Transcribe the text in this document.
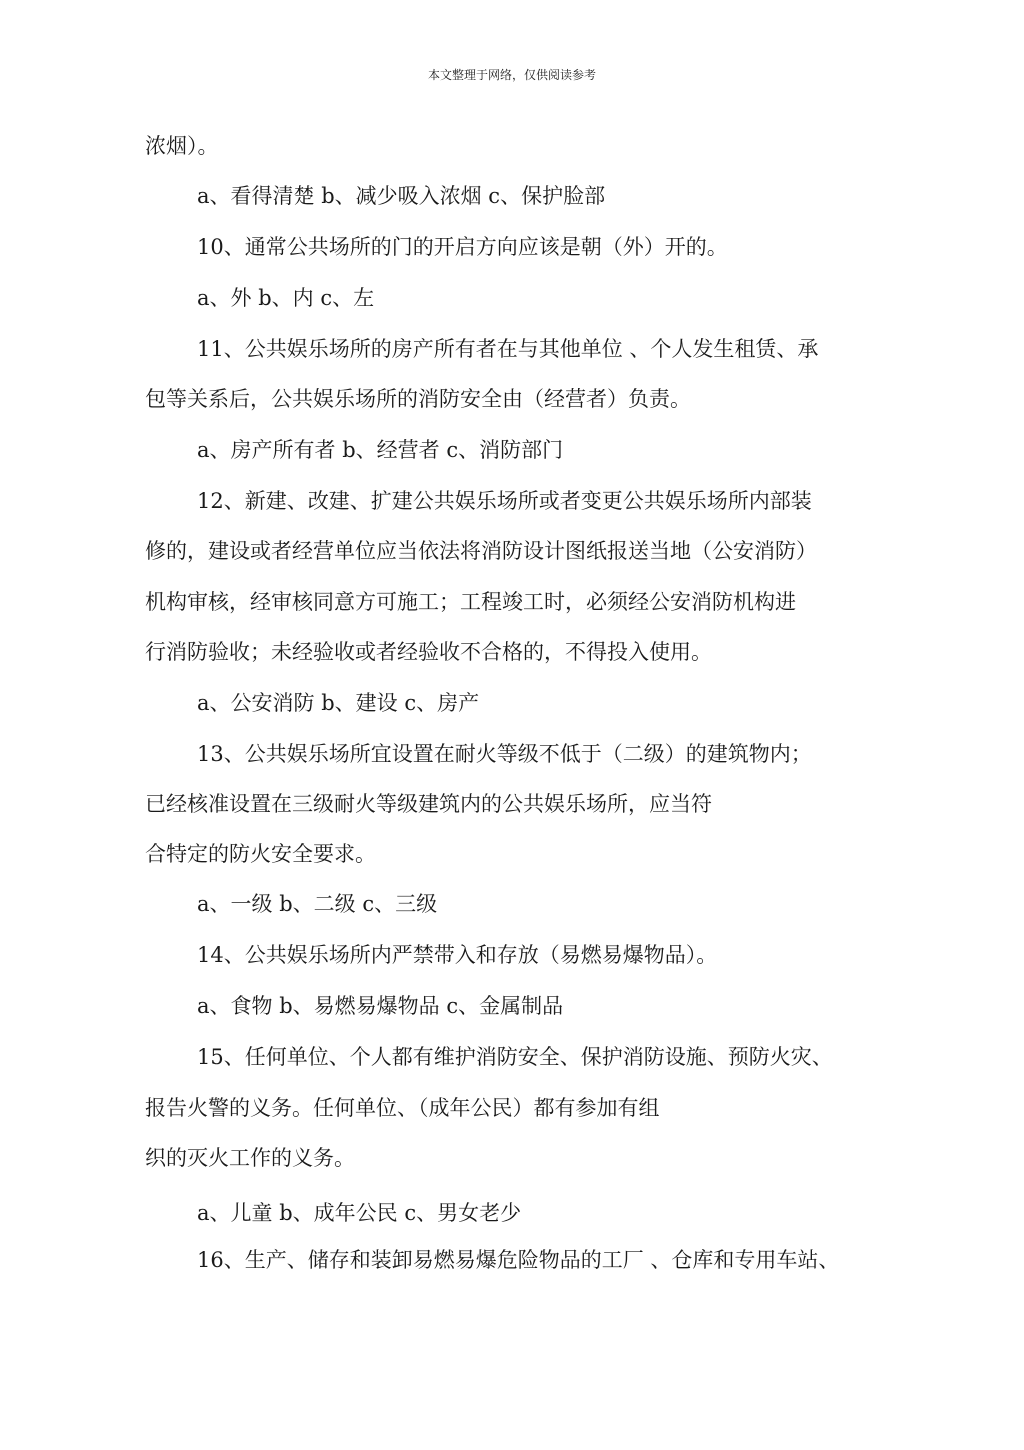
本文整理于网络，仅供阅读参考
浓烟）。
a、看得清楚 b、减少吸入浓烟 c、保护脸部
10、通常公共场所的门的开启方向应该是朝（外）开的。
a、外 b、内 c、左
11、公共娱乐场所的房产所有者在与其他单位 、个人发生租赁、承
包等关系后，公共娱乐场所的消防安全由（经营者）负责。
a、房产所有者 b、经营者 c、消防部门
12、新建、改建、扩建公共娱乐场所或者变更公共娱乐场所内部装
修的，建设或者经营单位应当依法将消防设计图纸报送当地（公安消防）
机构审核，经审核同意方可施工；工程竣工时，必须经公安消防机构进
行消防验收；未经验收或者经验收不合格的，不得投入使用。
a、公安消防 b、建设 c、房产
13、公共娱乐场所宜设置在耐火等级不低于（二级）的建筑物内；
已经核准设置在三级耐火等级建筑内的公共娱乐场所，应当符
合特定的防火安全要求。
a、一级 b、二级 c、三级
14、公共娱乐场所内严禁带入和存放（易燃易爆物品）。
a、食物 b、易燃易爆物品 c、金属制品
15、任何单位、个人都有维护消防安全、保护消防设施、预防火灾、
报告火警的义务。任何单位、（成年公民）都有参加有组
织的灭火工作的义务。
a、儿童 b、成年公民 c、男女老少
16、生产、储存和装卸易燃易爆危险物品的工厂 、仓库和专用车站、
